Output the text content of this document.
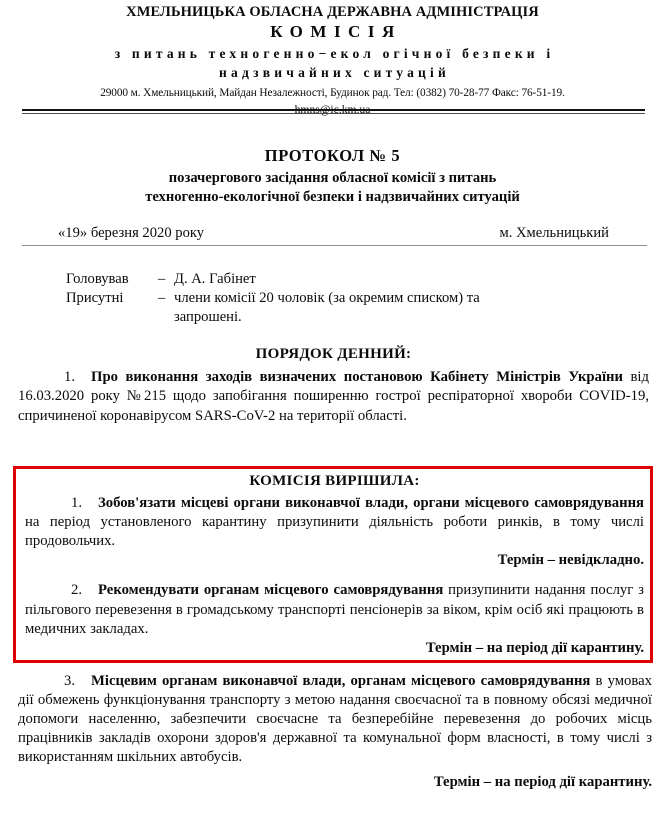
ХМЕЛЬНИЦЬКА ОБЛАСНА ДЕРЖАВНА АДМІНІСТРАЦІЯ
КОМІСІЯ
з питань техногенно−екол огічної безпеки і
надзвичайних ситуацій
29000 м. Хмельницький, Майдан Незалежності, Будинок рад. Тел: (0382) 70-28-77 Факс: 76-51-19.
hmns@ic.km.ua
ПРОТОКОЛ № 5
позачергового засідання обласної комісії з питань
техногенно-екологічної безпеки і надзвичайних ситуацій
«19» березня 2020 року	м. Хмельницький
Головував	– Д. А. Габінет
Присутні	– члени комісії 20 чоловік (за окремим списком) та
запрошені.
ПОРЯДОК ДЕННИЙ:

1. Про виконання заходів визначених постановою Кабінету Міністрів України від 16.03.2020 року №215 щодо запобігання поширенню гострої респіраторної хвороби COVID-19, спричиненої коронавірусом SARS-CoV-2 на території області.

КОМІСІЯ ВИРІШИЛА:

1. Зобов'язати місцеві органи виконавчої влади, органи місцевого самоврядування на період установленого карантину призупинити діяльність роботи ринків, в тому числі продовольчих.

Термін – невідкладно.

2. Рекомендувати органам місцевого самоврядування призупинити надання послуг з пільгового перевезення в громадському транспорті пенсіонерів за віком, крім осіб які працюють в медичних закладах.

Термін – на період дії карантину.

3. Місцевим органам виконавчої влади, органам місцевого самоврядування в умовах дії обмежень функціонування транспорту з метою надання своєчасної та в повному обсязі медичної допомоги населенню, забезпечити своєчасне та безперебійне перевезення до робочих місць працівників закладів охорони здоров'я державної та комунальної форм власності, в тому числі з використанням шкільних автобусів.

Термін – на період дії карантину.
